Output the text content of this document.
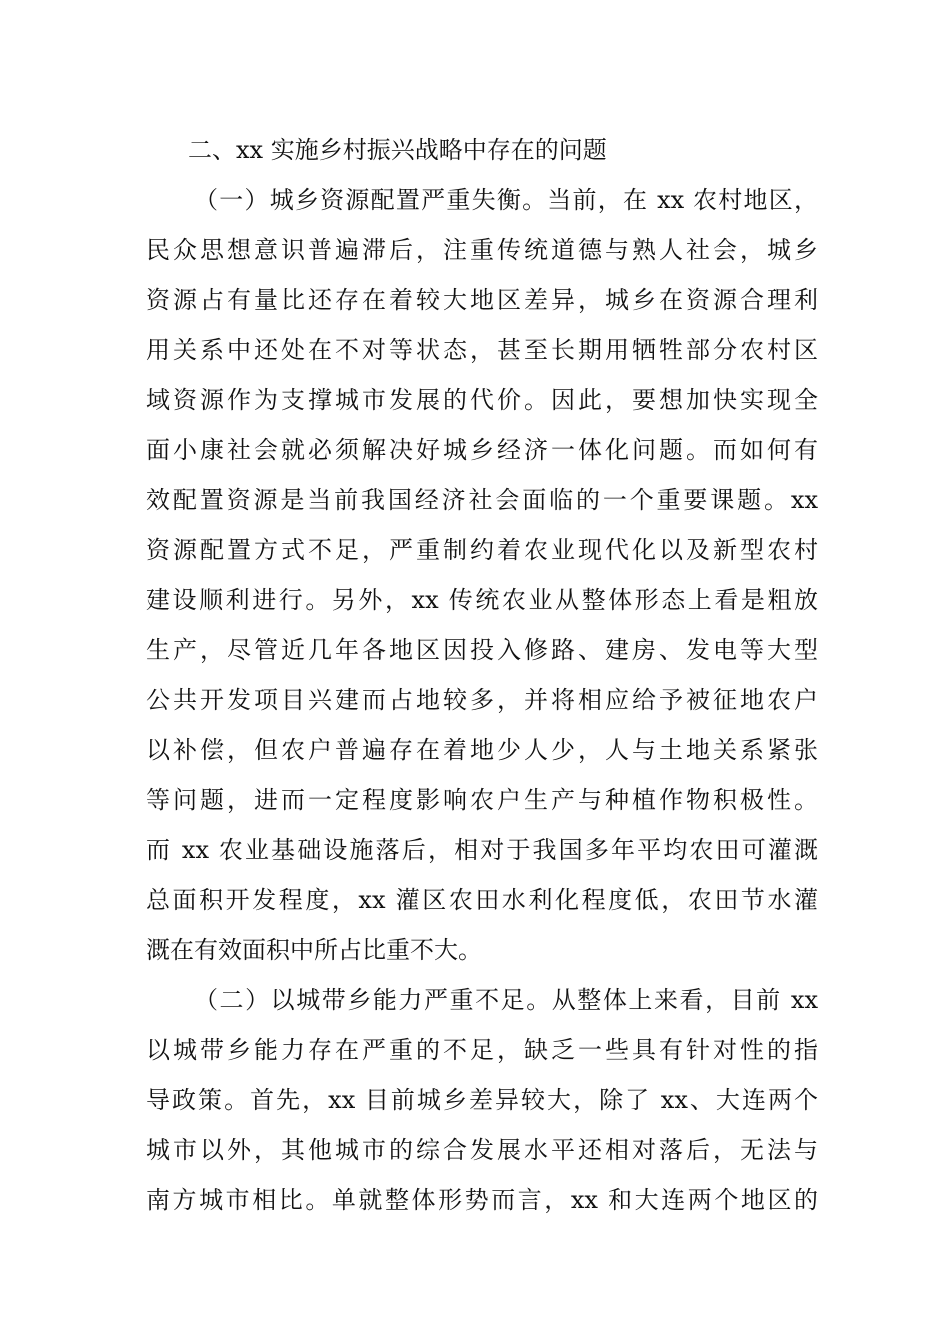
二、xx 实施乡村振兴战略中存在的问题
（一）城乡资源配置严重失衡。当前，在 xx 农村地区，
民众思想意识普遍滞后，注重传统道德与熟人社会，城乡
资源占有量比还存在着较大地区差异，城乡在资源合理利
用关系中还处在不对等状态，甚至长期用牺牲部分农村区
域资源作为支撑城市发展的代价。因此，要想加快实现全
面小康社会就必须解决好城乡经济一体化问题。而如何有
效配置资源是当前我国经济社会面临的一个重要课题。xx
资源配置方式不足，严重制约着农业现代化以及新型农村
建设顺利进行。另外，xx 传统农业从整体形态上看是粗放
生产，尽管近几年各地区因投入修路、建房、发电等大型
公共开发项目兴建而占地较多，并将相应给予被征地农户
以补偿，但农户普遍存在着地少人少，人与土地关系紧张
等问题，进而一定程度影响农户生产与种植作物积极性。
而 xx 农业基础设施落后，相对于我国多年平均农田可灌溉
总面积开发程度，xx 灌区农田水利化程度低，农田节水灌
溉在有效面积中所占比重不大。
（二）以城带乡能力严重不足。从整体上来看，目前 xx
以城带乡能力存在严重的不足，缺乏一些具有针对性的指
导政策。首先，xx 目前城乡差异较大，除了 xx、大连两个
城市以外，其他城市的综合发展水平还相对落后，无法与
南方城市相比。单就整体形势而言，xx 和大连两个地区的
